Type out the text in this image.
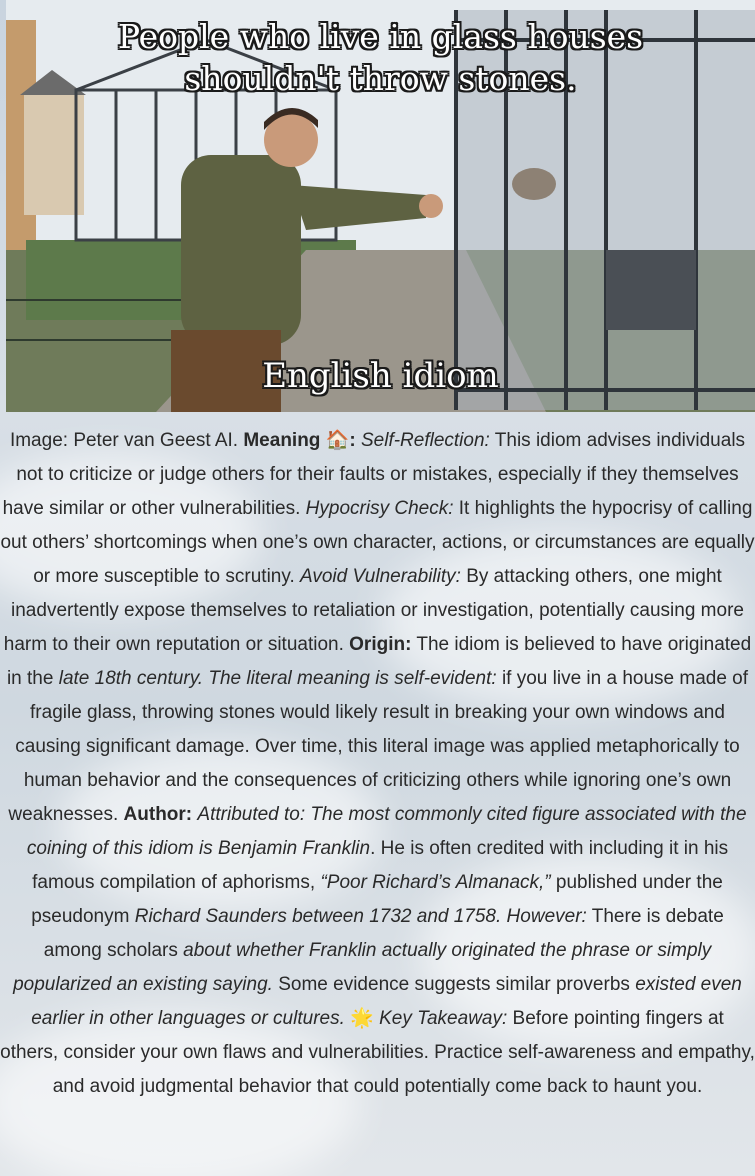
People who live in glass houses
shouldn't throw stones.
English idiom
Image: Peter van Geest AI. Meaning 🏠: Self-Reflection: This idiom advises individuals not to criticize or judge others for their faults or mistakes, especially if they themselves have similar or other vulnerabilities. Hypocrisy Check: It highlights the hypocrisy of calling out others’ shortcomings when one’s own character, actions, or circumstances are equally or more susceptible to scrutiny. Avoid Vulnerability: By attacking others, one might inadvertently expose themselves to retaliation or investigation, potentially causing more harm to their own reputation or situation. Origin: The idiom is believed to have originated in the late 18th century. The literal meaning is self-evident: if you live in a house made of fragile glass, throwing stones would likely result in breaking your own windows and causing significant damage. Over time, this literal image was applied metaphorically to human behavior and the consequences of criticizing others while ignoring one’s own weaknesses. Author: Attributed to: The most commonly cited figure associated with the coining of this idiom is Benjamin Franklin. He is often credited with including it in his famous compilation of aphorisms, “Poor Richard’s Almanack,” published under the pseudonym Richard Saunders between 1732 and 1758. However: There is debate among scholars about whether Franklin actually originated the phrase or simply popularized an existing saying. Some evidence suggests similar proverbs existed even earlier in other languages or cultures. 🌟 Key Takeaway: Before pointing fingers at others, consider your own flaws and vulnerabilities. Practice self-awareness and empathy, and avoid judgmental behavior that could potentially come back to haunt you.
